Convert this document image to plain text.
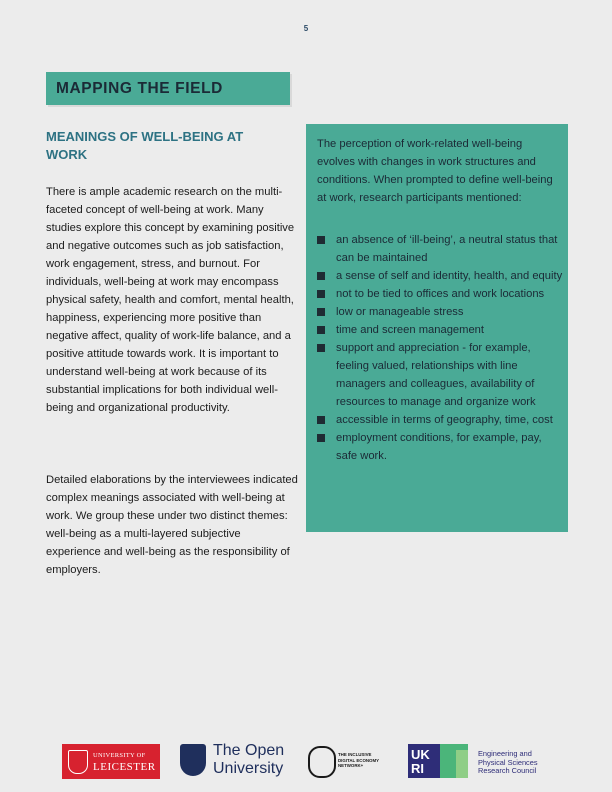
5
MAPPING THE FIELD
MEANINGS OF WELL-BEING AT WORK
There is ample academic research on the multi-faceted concept of well-being at work. Many studies explore this concept by examining positive and negative outcomes such as job satisfaction, work engagement, stress, and burnout. For individuals, well-being at work may encompass physical safety, health and comfort, mental health, happiness, experiencing more positive than negative affect, quality of work-life balance, and a positive attitude towards work. It is important to understand well-being at work because of its substantial implications for both individual well-being and organizational productivity.
Detailed elaborations by the interviewees indicated complex meanings associated with well-being at work. We group these under two distinct themes: well-being as a multi-layered subjective experience and well-being as the responsibility of employers.
The perception of work-related well-being evolves with changes in work structures and conditions. When prompted to define well-being at work, research participants mentioned:
an absence of ‘ill-being’, a neutral status that can be maintained
a sense of self and identity, health, and equity
not to be tied to offices and work locations
low or manageable stress
time and screen management
support and appreciation - for example, feeling valued, relationships with line managers and colleagues, availability of resources to manage and organize work
accessible in terms of geography, time, cost
employment conditions, for example, pay, safe work.
UNIVERSITY OF
LEICESTER
The Open
University
THE INCLUSIVE
DIGITAL ECONOMY
NETWORK+
UK
RI
Engineering and
Physical Sciences
Research Council
